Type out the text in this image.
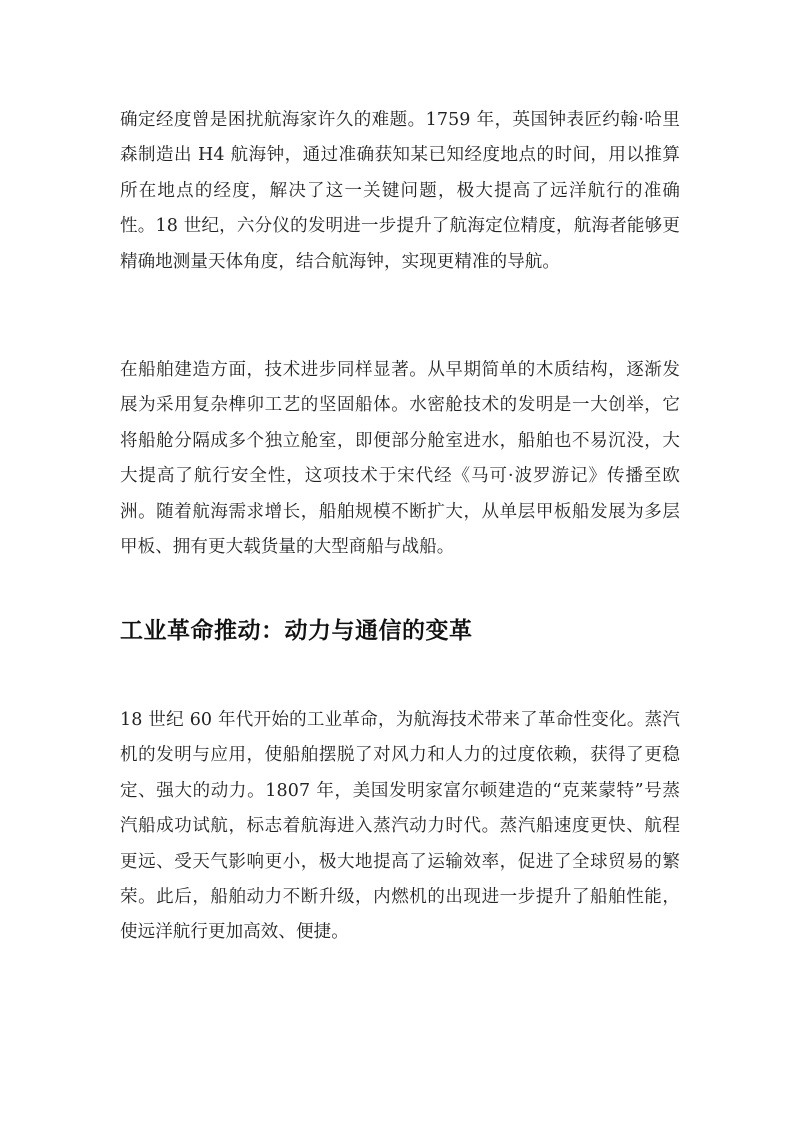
确定经度曾是困扰航海家许久的难题。1759 年，英国钟表匠约翰·哈里森制造出 H4 航海钟，通过准确获知某已知经度地点的时间，用以推算所在地点的经度，解决了这一关键问题，极大提高了远洋航行的准确性。18 世纪，六分仪的发明进一步提升了航海定位精度，航海者能够更精确地测量天体角度，结合航海钟，实现更精准的导航。

在船舶建造方面，技术进步同样显著。从早期简单的木质结构，逐渐发展为采用复杂榫卯工艺的坚固船体。水密舱技术的发明是一大创举，它将船舱分隔成多个独立舱室，即便部分舱室进水，船舶也不易沉没，大大提高了航行安全性，这项技术于宋代经《马可·波罗游记》传播至欧洲。随着航海需求增长，船舶规模不断扩大，从单层甲板船发展为多层甲板、拥有更大载货量的大型商船与战船。

工业革命推动：动力与通信的变革

18 世纪 60 年代开始的工业革命，为航海技术带来了革命性变化。蒸汽机的发明与应用，使船舶摆脱了对风力和人力的过度依赖，获得了更稳定、强大的动力。1807 年，美国发明家富尔顿建造的“克莱蒙特”号蒸汽船成功试航，标志着航海进入蒸汽动力时代。蒸汽船速度更快、航程更远、受天气影响更小，极大地提高了运输效率，促进了全球贸易的繁荣。此后，船舶动力不断升级，内燃机的出现进一步提升了船舶性能，使远洋航行更加高效、便捷。
